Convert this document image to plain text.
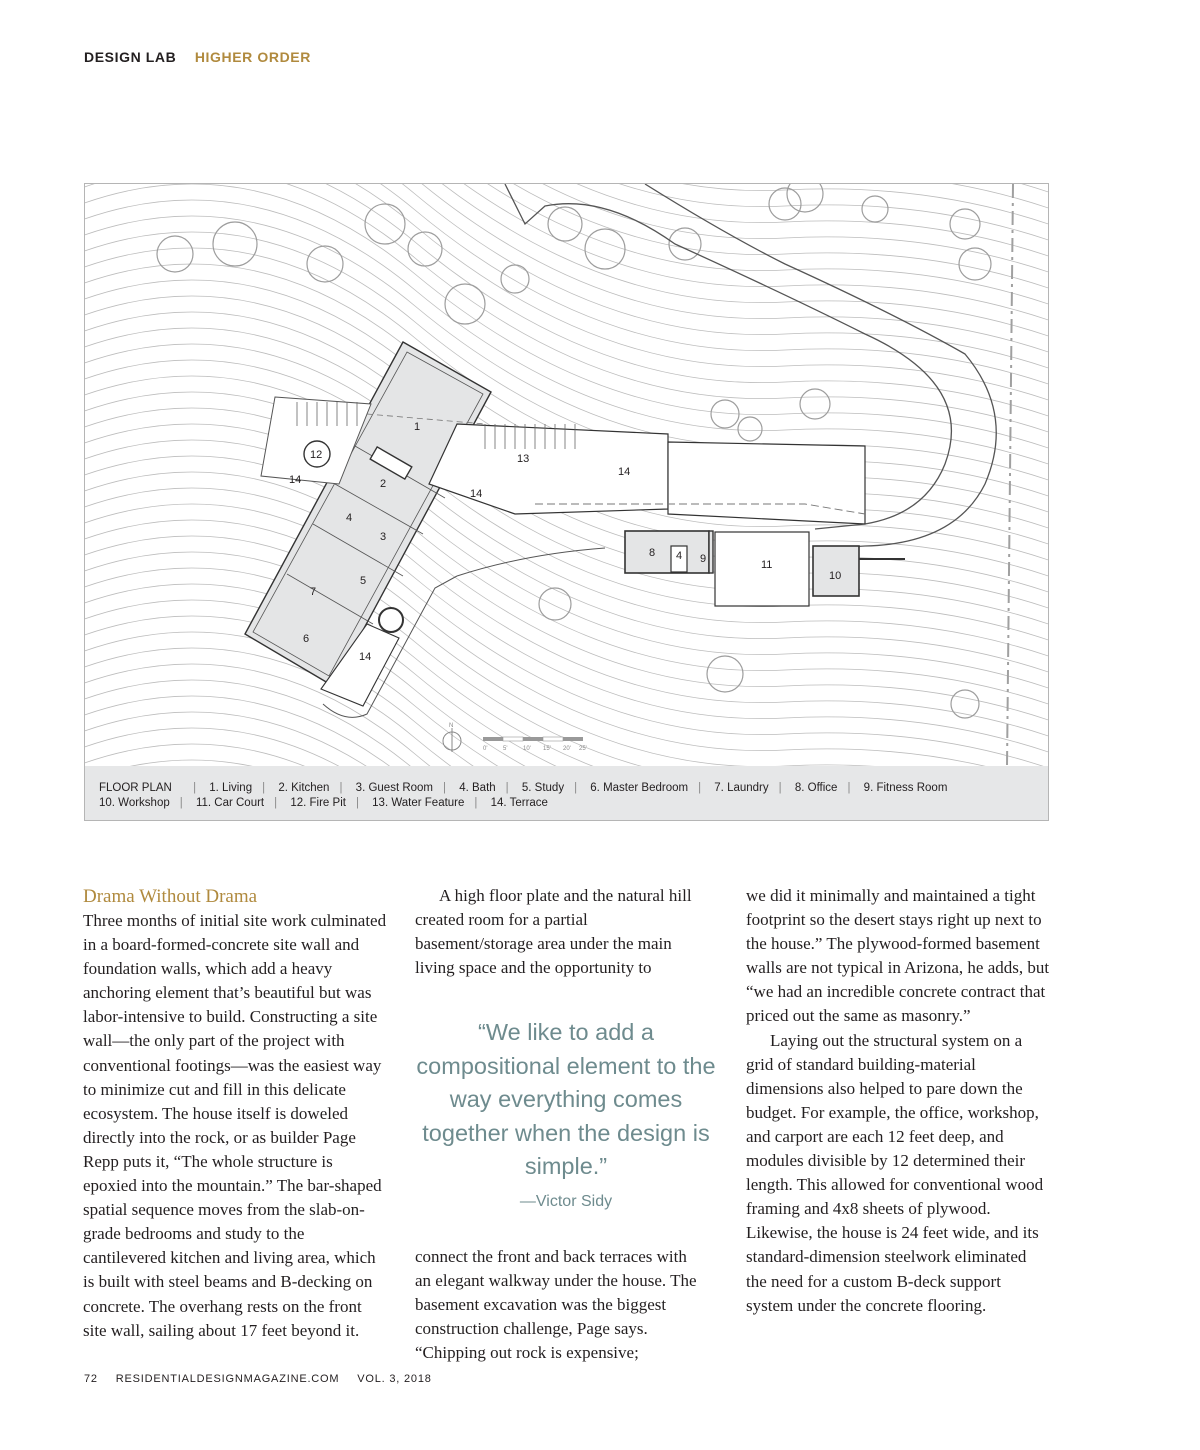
DESIGN LAB HIGHER ORDER
1
2
3
4
4
5
6
7
8	9
10
11
12	13
14
14
14
14
N
0'	5'	10' 15' 20' 25'
FLOOR PLAN | 1. Living | 2. Kitchen | 3. Guest Room | 4. Bath | 5. Study | 6. Master Bedroom | 7. Laundry | 8. Office | 9. Fitness Room
10. Workshop | 11. Car Court | 12. Fire Pit | 13. Water Feature | 14. Terrace
Drama Without Drama

Three months of initial site work culminated in a board-formed-concrete site wall and foundation walls, which add a heavy anchoring element that’s beautiful but was labor-intensive to build. Constructing a site wall—the only part of the project with conventional footings—was the easiest way to minimize cut and fill in this delicate ecosystem. The house itself is doweled directly into the rock, or as builder Page Repp puts it, “The whole structure is epoxied into the mountain.” The bar-shaped spatial sequence moves from the slab-on-grade bedrooms and study to the cantilevered kitchen and living area, which is built with steel beams and B-decking on concrete. The overhang rests on the front site wall, sailing about 17 feet beyond it.

A high floor plate and the natural hill created room for a partial basement/storage area under the main living space and the opportunity to

“We like to add a compositional element to the way everything comes together when the design is simple.”
—Victor Sidy

connect the front and back terraces with an elegant walkway under the house. The basement excavation was the biggest construction challenge, Page says. “Chipping out rock is expensive;

we did it minimally and maintained a tight footprint so the desert stays right up next to the house.” The plywood-formed basement walls are not typical in Arizona, he adds, but “we had an incredible concrete contract that priced out the same as masonry.”

Laying out the structural system on a grid of standard building-material dimensions also helped to pare down the budget. For example, the office, workshop, and carport are each 12 feet deep, and modules divisible by 12 determined their length. This allowed for conventional wood framing and 4x8 sheets of plywood. Likewise, the house is 24 feet wide, and its standard-dimension steelwork eliminated the need for a custom B-deck support system under the concrete flooring.

72 RESIDENTIALDESIGNMAGAZINE.COM VOL. 3, 2018
